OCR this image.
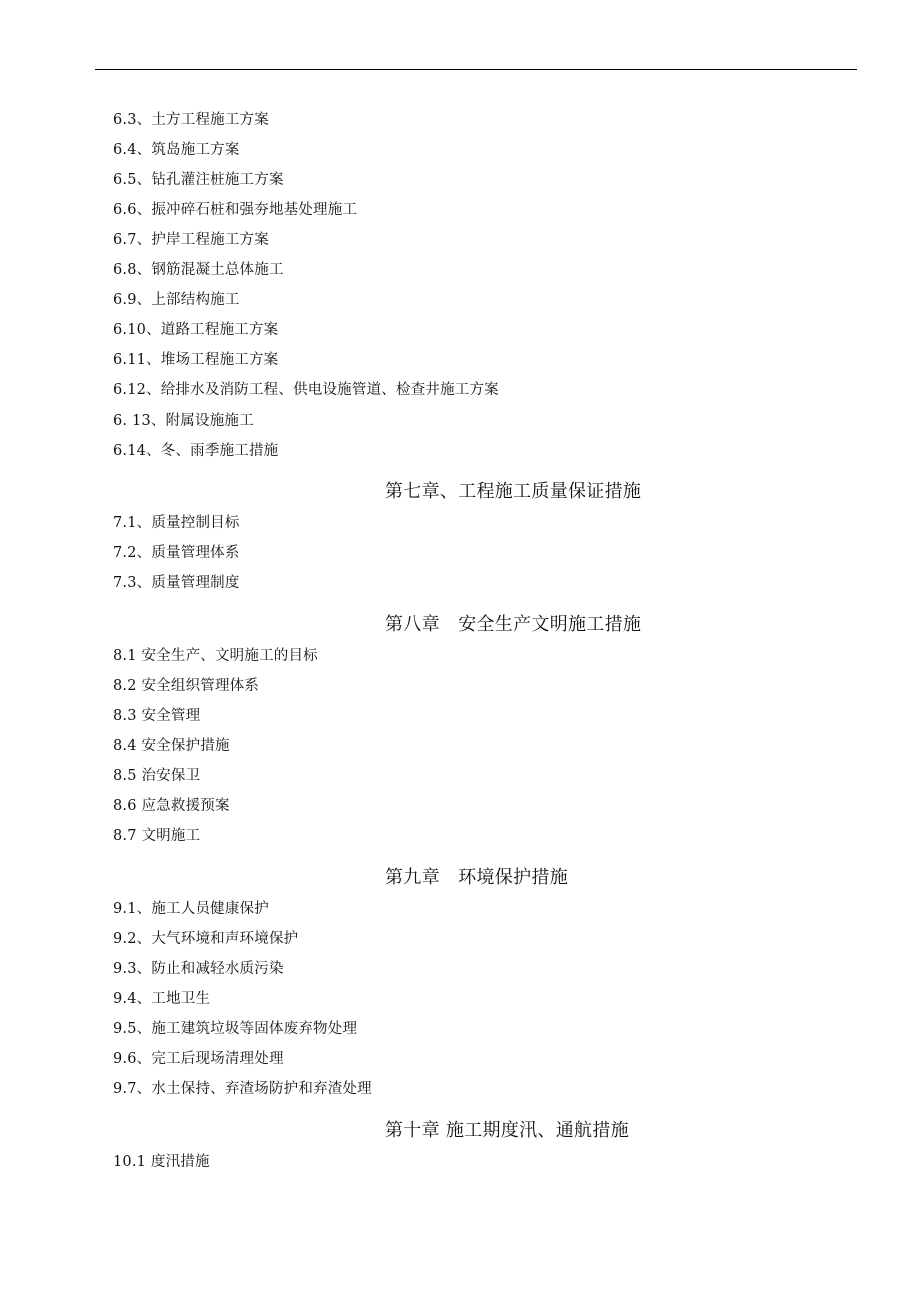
6.3、土方工程施工方案
6.4、筑岛施工方案
6.5、钻孔灌注桩施工方案
6.6、振冲碎石桩和强夯地基处理施工
6.7、护岸工程施工方案
6.8、钢筋混凝土总体施工
6.9、上部结构施工
6.10、道路工程施工方案
6.11、堆场工程施工方案
6.12、给排水及消防工程、供电设施管道、检查井施工方案
6. 13、附属设施施工
6.14、冬、雨季施工措施
第七章、工程施工质量保证措施
7.1、质量控制目标
7.2、质量管理体系
7.3、质量管理制度
第八章　安全生产文明施工措施
8.1 安全生产、文明施工的目标
8.2 安全组织管理体系
8.3 安全管理
8.4 安全保护措施
8.5 治安保卫
8.6 应急救援预案
8.7 文明施工
第九章　环境保护措施
9.1、施工人员健康保护
9.2、大气环境和声环境保护
9.3、防止和减轻水质污染
9.4、工地卫生
9.5、施工建筑垃圾等固体废弃物处理
9.6、完工后现场清理处理
9.7、水土保持、弃渣场防护和弃渣处理
第十章 施工期度汛、通航措施
10.1 度汛措施
